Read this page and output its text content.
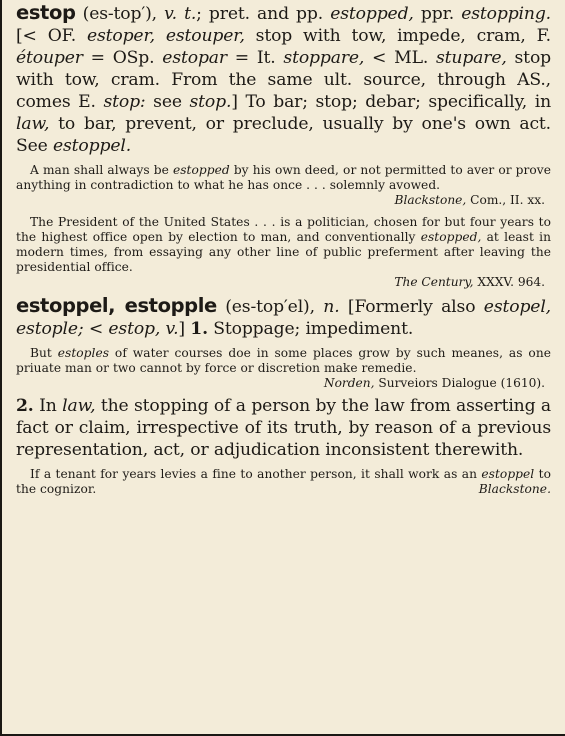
estop (es-top′), v. t.; pret. and pp. estopped, ppr. estopping. [< OF. estoper, estouper, stop with tow, impede, cram, F. étouper = OSp. estopar = It. stoppare, < ML. stupare, stop with tow, cram. From the same ult. source, through AS., comes E. stop: see stop.] To bar; stop; debar; specifically, in law, to bar, prevent, or preclude, usually by one's own act. See estoppel.

A man shall always be estopped by his own deed, or not permitted to aver or prove anything in contradiction to what he has once . . . solemnly avowed.

Blackstone, Com., II. xx.

The President of the United States . . . is a politician, chosen for but four years to the highest office open by election to man, and conventionally estopped, at least in modern times, from essaying any other line of public preferment after leaving the presidential office.

The Century, XXXV. 964.

estoppel, estopple (es-top′el), n. [Formerly also estopel, estople; < estop, v.] 1. Stoppage; impediment.

But estoples of water courses doe in some places grow by such meanes, as one priuate man or two cannot by force or discretion make remedie.

Norden, Surveiors Dialogue (1610).

2. In law, the stopping of a person by the law from asserting a fact or claim, irrespective of its truth, by reason of a previous representation, act, or adjudication inconsistent therewith.

If a tenant for years levies a fine to another person, it shall work as an estoppel to the cognizor.	Blackstone.
